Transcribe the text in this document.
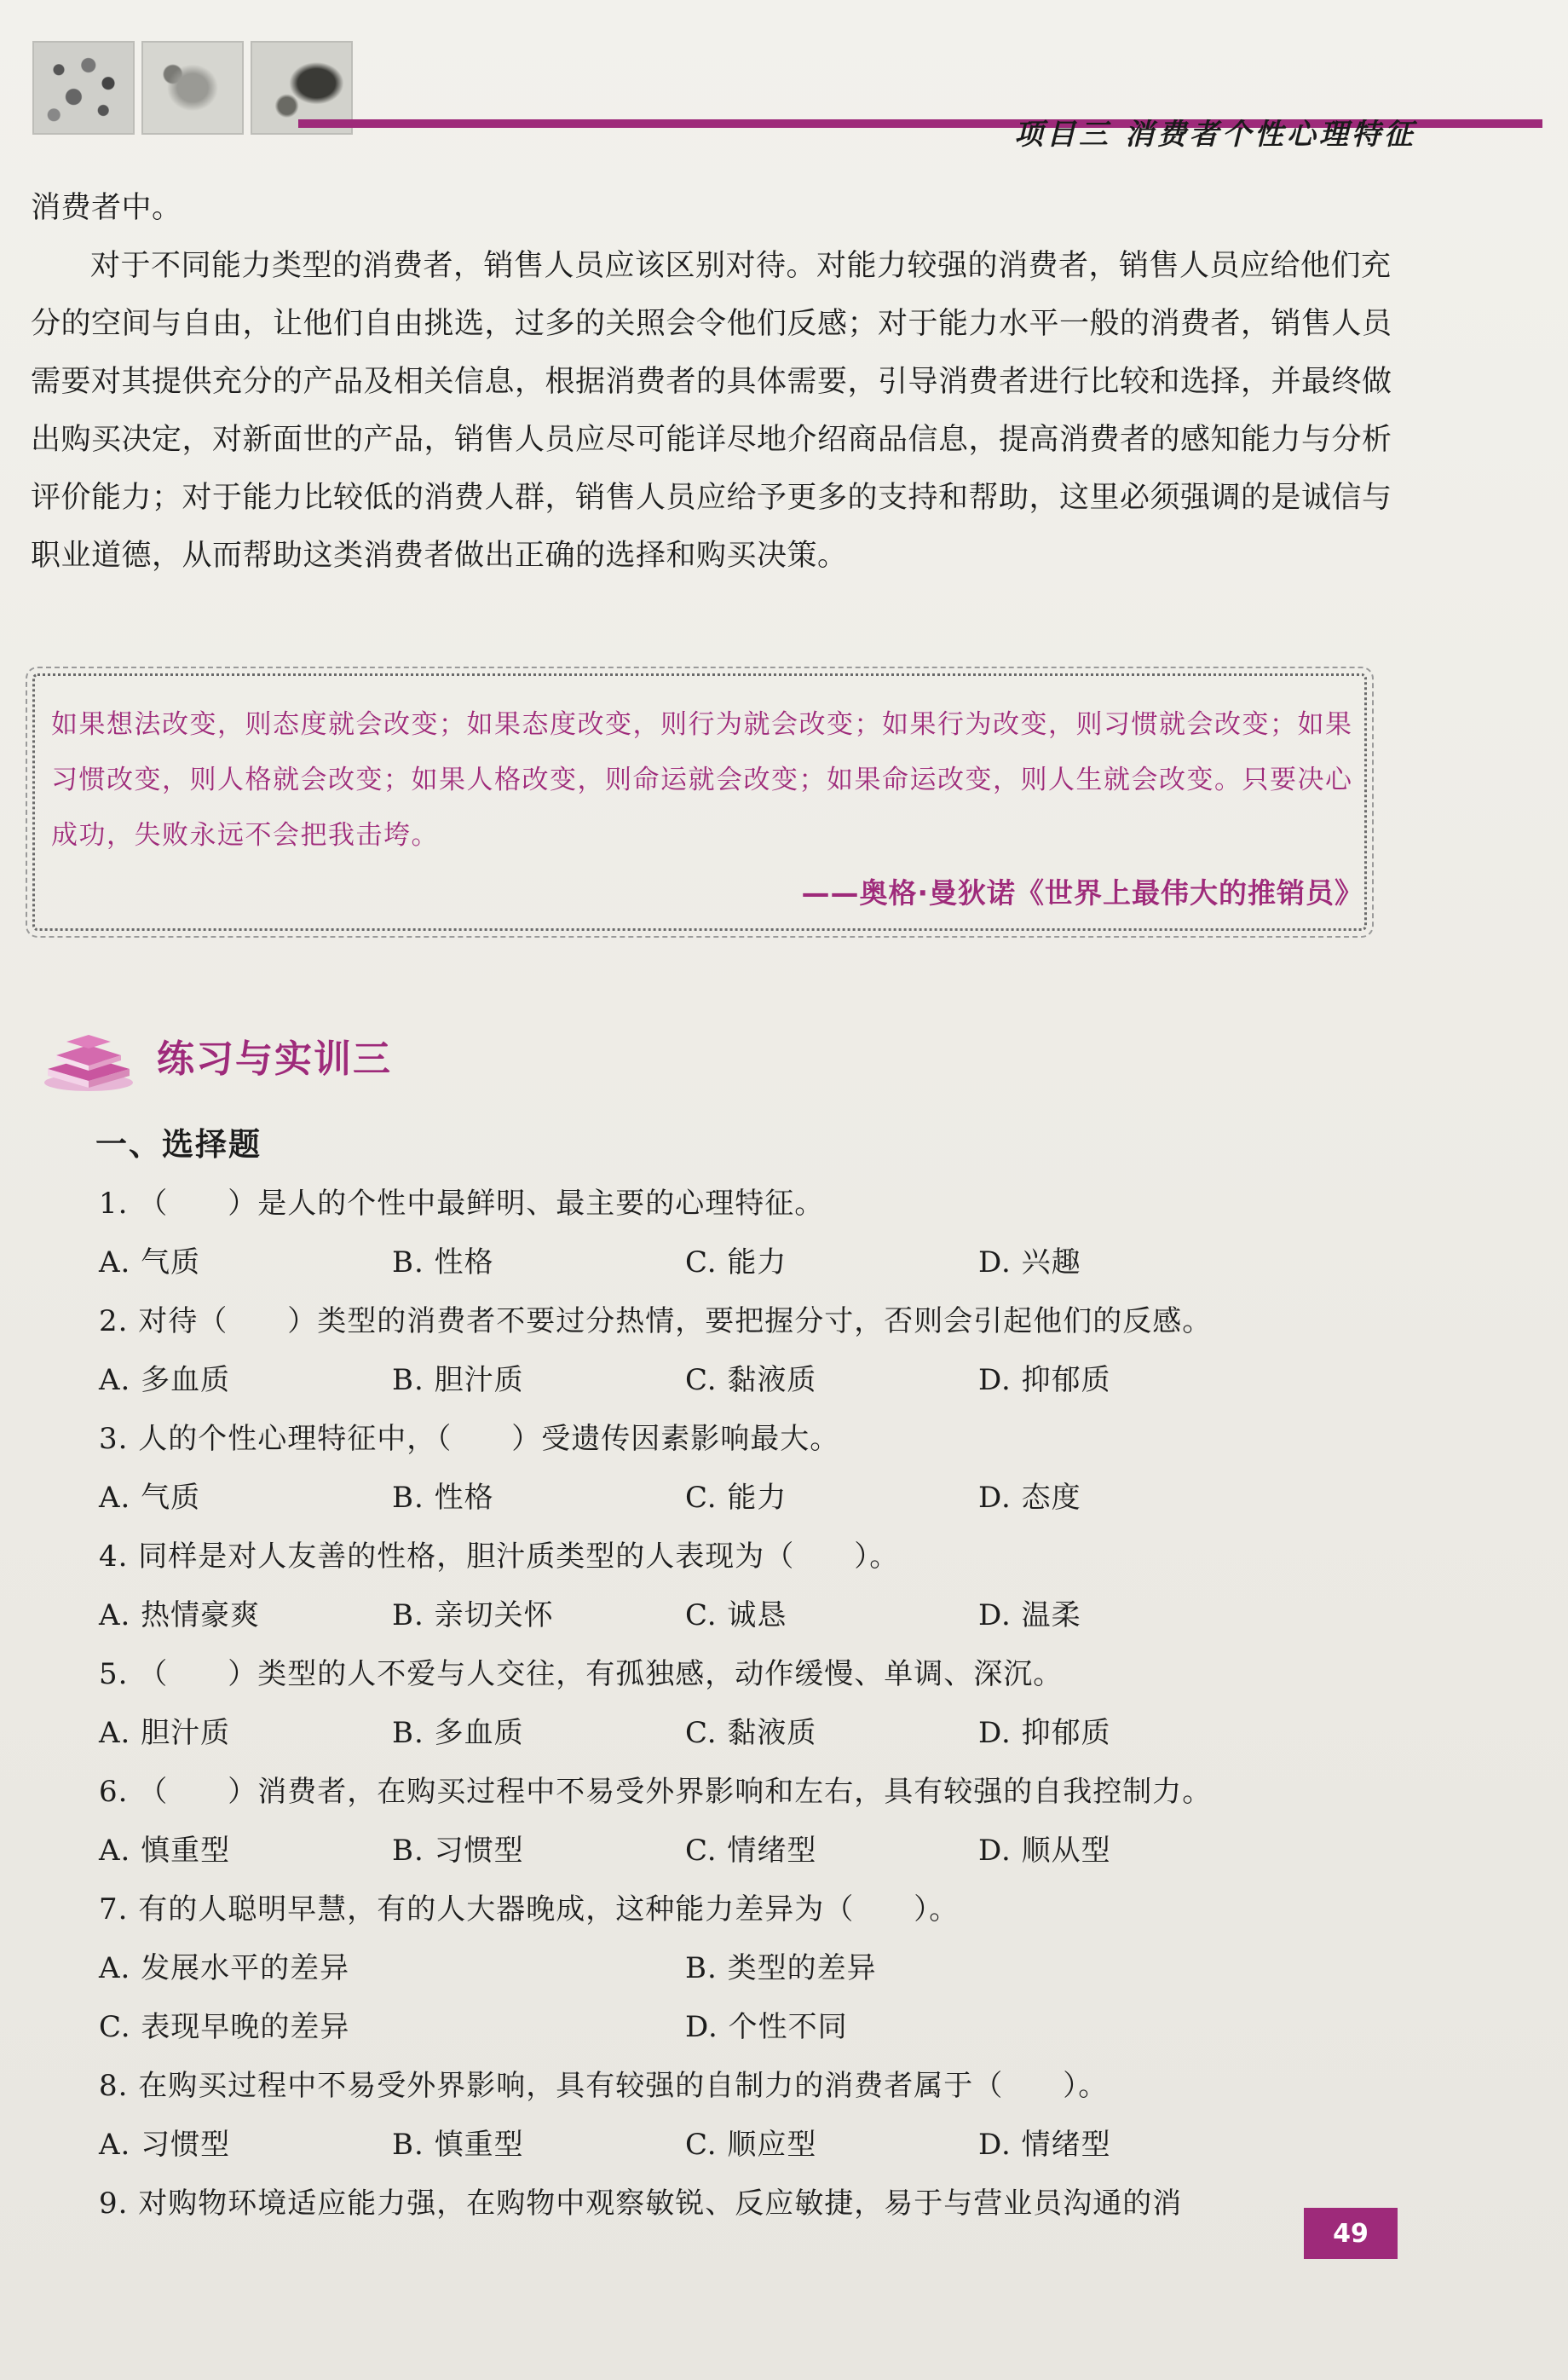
项目三 消费者个性心理特征

消费者中。

对于不同能力类型的消费者，销售人员应该区别对待。对能力较强的消费者，销售人员应给他们充分的空间与自由，让他们自由挑选，过多的关照会令他们反感；对于能力水平一般的消费者，销售人员需要对其提供充分的产品及相关信息，根据消费者的具体需要，引导消费者进行比较和选择，并最终做出购买决定，对新面世的产品，销售人员应尽可能详尽地介绍商品信息，提高消费者的感知能力与分析评价能力；对于能力比较低的消费人群，销售人员应给予更多的支持和帮助，这里必须强调的是诚信与职业道德，从而帮助这类消费者做出正确的选择和购买决策。

如果想法改变，则态度就会改变；如果态度改变，则行为就会改变；如果行为改变，则习惯就会改变；如果习惯改变，则人格就会改变；如果人格改变，则命运就会改变；如果命运改变，则人生就会改变。只要决心成功，失败永远不会把我击垮。
——奥格·曼狄诺《世界上最伟大的推销员》
练习与实训三
一、选择题
1. （　　）是人的个性中最鲜明、最主要的心理特征。
A. 气质	B. 性格	C. 能力	D. 兴趣
2. 对待（　　）类型的消费者不要过分热情，要把握分寸，否则会引起他们的反感。
A. 多血质	B. 胆汁质	C. 黏液质	D. 抑郁质
3. 人的个性心理特征中，（　　）受遗传因素影响最大。
A. 气质	B. 性格	C. 能力	D. 态度
4. 同样是对人友善的性格，胆汁质类型的人表现为（　　）。
A. 热情豪爽	B. 亲切关怀	C. 诚恳	D. 温柔
5. （　　）类型的人不爱与人交往，有孤独感，动作缓慢、单调、深沉。
A. 胆汁质	B. 多血质	C. 黏液质	D. 抑郁质
6. （　　）消费者，在购买过程中不易受外界影响和左右，具有较强的自我控制力。
A. 慎重型	B. 习惯型	C. 情绪型	D. 顺从型
7. 有的人聪明早慧，有的人大器晚成，这种能力差异为（　　）。
A. 发展水平的差异	B. 类型的差异
C. 表现早晚的差异	D. 个性不同
8. 在购买过程中不易受外界影响，具有较强的自制力的消费者属于（　　）。
A. 习惯型	B. 慎重型	C. 顺应型	D. 情绪型
9. 对购物环境适应能力强，在购物中观察敏锐、反应敏捷，易于与营业员沟通的消
49
